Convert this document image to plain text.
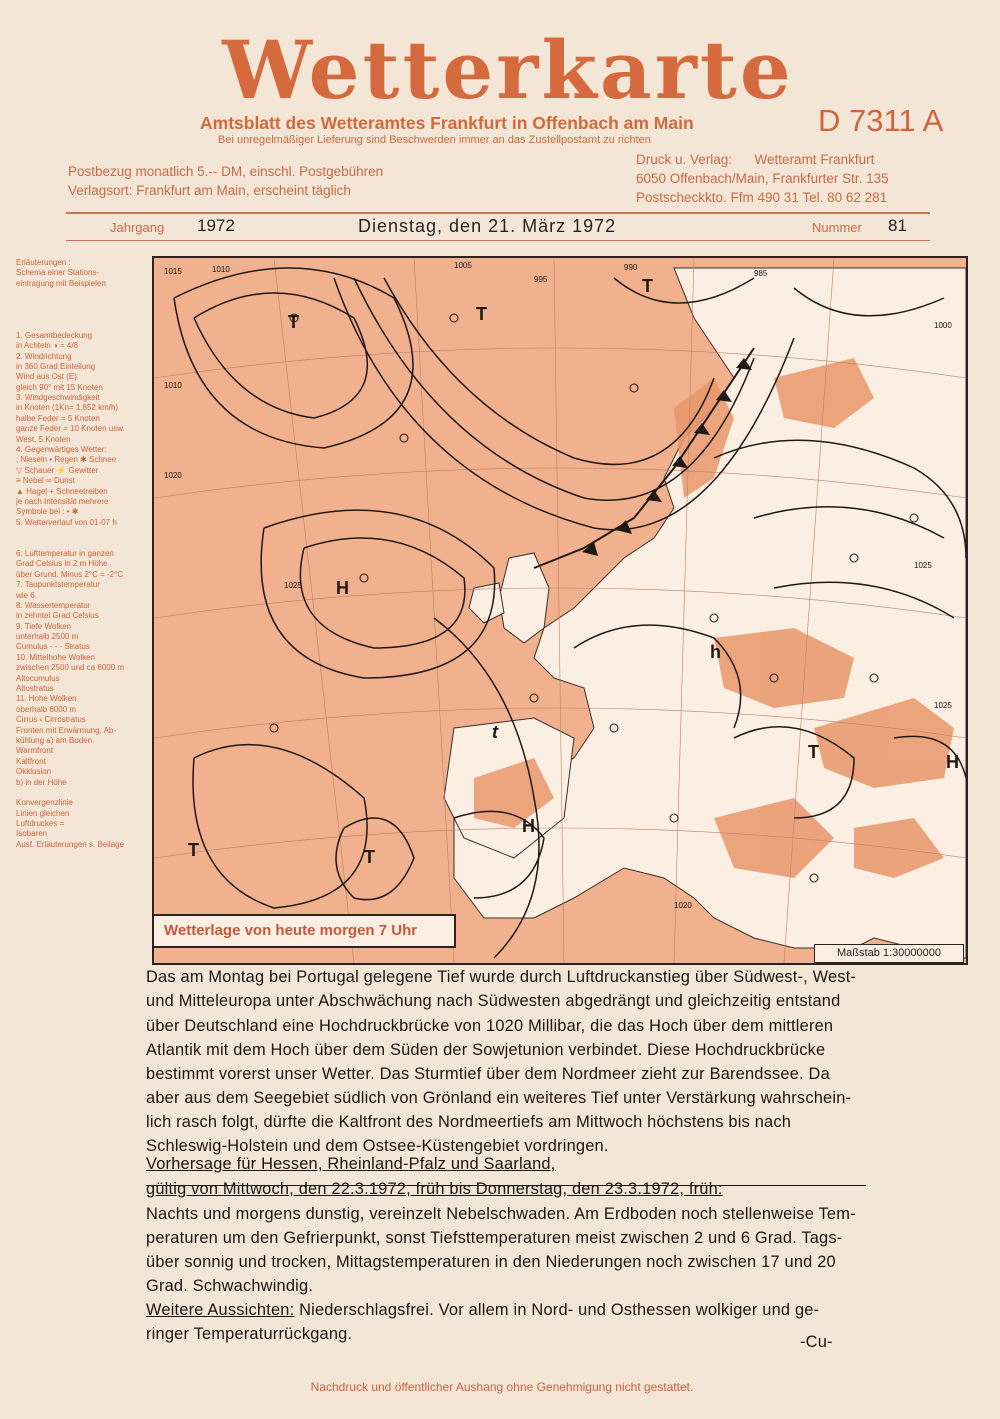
Wetterkarte
Amtsblatt des Wetteramtes Frankfurt in Offenbach am Main
Bei unregelmäßiger Lieferung sind Beschwerden immer an das Zustellpostamt zu richten
D 7311 A
Postbezug monatlich 5.-- DM, einschl. Postgebühren
Verlagsort: Frankfurt am Main, erscheint täglich
Druck u. Verlag:      Wetteramt Frankfurt
6050 Offenbach/Main, Frankfurter Str. 135
Postscheckkto. Ffm 490 31 Tel. 80 62 281
Jahrgang 1972	Dienstag, den 21. März 1972	Nummer 81
Erläuterungen :
Schema einer Stations-
eintragung mit Beispielen
1. Gesamtbedeckung
in Achteln ◑ = 4/8
2. Windrichtung
in 360 Grad Einteilung
Wind aus Ost (E)
gleich 90° mit 15 Knoten
3. Windgeschwindigkeit
in Knoten (1Kn= 1.852 km/h)
halbe Feder = 5 Knoten
ganze Feder = 10 Knoten usw.
West, 5 Knoten
4. Gegenwärtiges Wetter:
; Nieseln • Regen ✱ Schnee
▽ Schauer ⚡ Gewitter
≡ Nebel ∞ Dunst
▲ Hagel + Schneetreiben
je nach Intensität mehrere
Symbole bei : • ✱
5. Wetterverlauf von 01-07 h
6. Lufttemperatur in ganzen
Grad Celsius in 2 m Höhe
über Grund. Minus 2°C = -2°C
7. Taupunktstemperatur
wie 6.
8. Wassertemperatur
in zehntel Grad Celsius
9. Tiefe Wolken
unterhalb 2500 m
Cumulus - - - Stratus
10. Mittelhohe Wolken
zwischen 2500 und ca 6000 m
Altocumulus
Altostratus
11. Hohe Wolken
oberhalb 6000 m
Cirrus ⸗ Cirrostratus
Fronten mit Erwärmung, Ab-
kühlung a) am Boden
Warmfront
Kaltfront
Okklusion
b) in der Höhe
Konvergenzlinie
Linien gleichen
Luftdruckes =
Isobaren
Ausf. Erläuterungen s. Beilage
T	T
T
T
H
H
H
T
T
h
t
1015	1010	1005
995
990
985
1025
1010
1020
1000
1020
1025
1025
Wetterlage von heute morgen 7 Uhr
Maßstab 1:30000000
Das am Montag bei Portugal gelegene Tief wurde durch Luftdruckanstieg über Südwest-, West-
und Mitteleuropa unter Abschwächung nach Südwesten abgedrängt und gleichzeitig entstand
über Deutschland eine Hochdruckbrücke von 1020 Millibar, die das Hoch über dem mittleren
Atlantik mit dem Hoch über dem Süden der Sowjetunion verbindet. Diese Hochdruckbrücke
bestimmt vorerst unser Wetter. Das Sturmtief über dem Nordmeer zieht zur Barendssee. Da
aber aus dem Seegebiet südlich von Grönland ein weiteres Tief unter Verstärkung wahrschein-
lich rasch folgt, dürfte die Kaltfront des Nordmeertiefs am Mittwoch höchstens bis nach
Schleswig-Holstein und dem Ostsee-Küstengebiet vordringen.
Vorhersage für Hessen, Rheinland-Pfalz und Saarland,
gültig von Mittwoch, den 22.3.1972, früh bis Donnerstag, den 23.3.1972, früh:
Nachts und morgens dunstig, vereinzelt Nebelschwaden. Am Erdboden noch stellenweise Tem-
peraturen um den Gefrierpunkt, sonst Tiefsttemperaturen meist zwischen 2 und 6 Grad. Tags-
über sonnig und trocken, Mittagstemperaturen in den Niederungen noch zwischen 17 und 20
Grad. Schwachwindig.
Weitere Aussichten: Niederschlagsfrei. Vor allem in Nord- und Osthessen wolkiger und ge-
ringer Temperaturrückgang.	-Cu-
Nachdruck und öffentlicher Aushang ohne Genehmigung nicht gestattet.
